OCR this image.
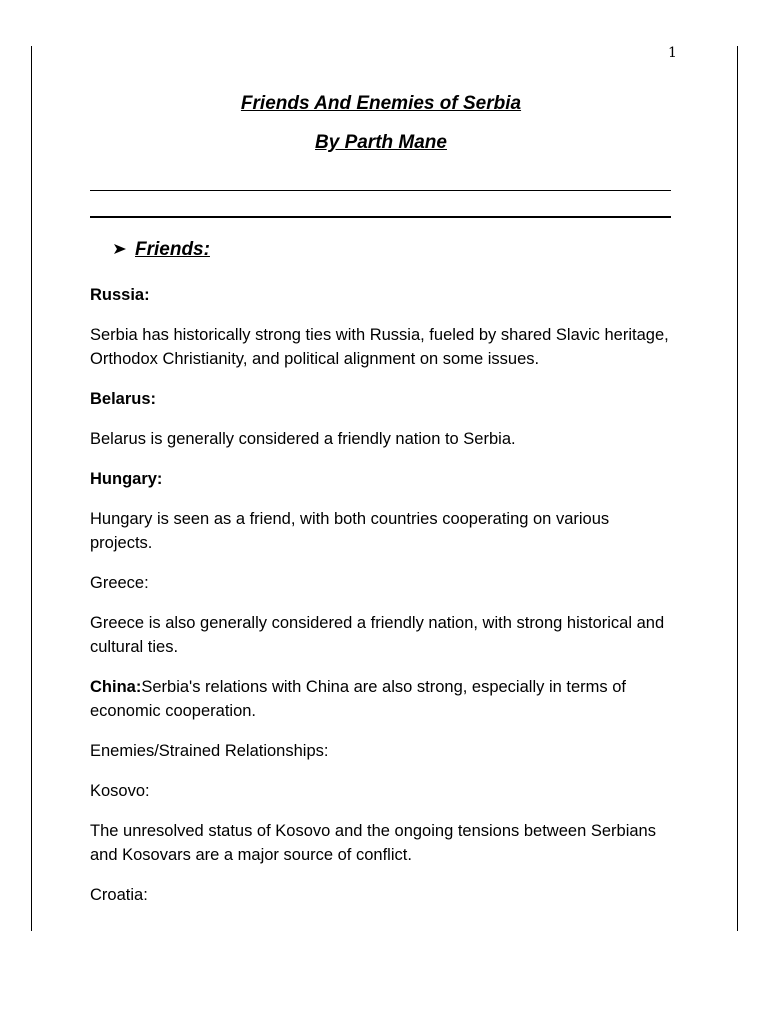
1
Friends And Enemies of Serbia
By Parth Mane
Friends:

Russia:

Serbia has historically strong ties with Russia, fueled by shared Slavic heritage, Orthodox Christianity, and political alignment on some issues.

Belarus:

Belarus is generally considered a friendly nation to Serbia.

Hungary:

Hungary is seen as a friend, with both countries cooperating on various projects.

Greece:

Greece is also generally considered a friendly nation, with strong historical and cultural ties.

China:Serbia's relations with China are also strong, especially in terms of economic cooperation.

Enemies/Strained Relationships:

Kosovo:

The unresolved status of Kosovo and the ongoing tensions between Serbians and Kosovars are a major source of conflict.

Croatia:
